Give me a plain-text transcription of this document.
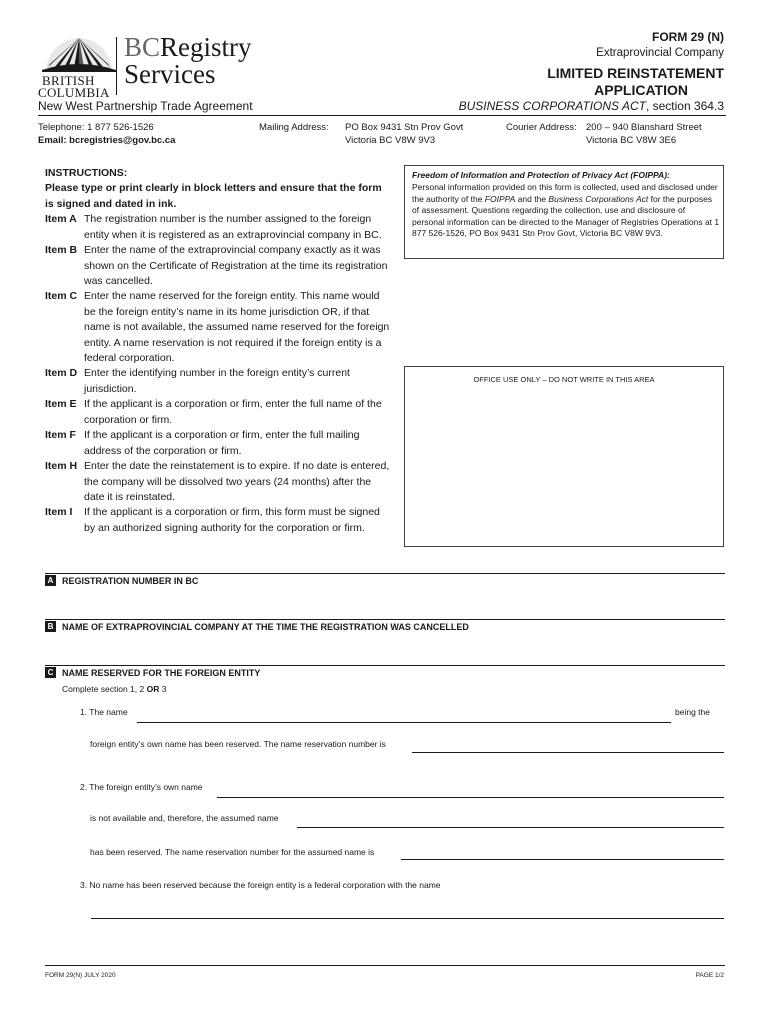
BRITISH
COLUMBIA
BCRegistry
Services
New West Partnership Trade Agreement
FORM 29 (N)
Extraprovincial Company
LIMITED REINSTATEMENT
APPLICATION
BUSINESS CORPORATIONS ACT, section 364.3
Telephone: 1 877 526-1526
Email: bcregistries@gov.bc.ca
Mailing Address: PO Box 9431 Stn Prov Govt
Victoria BC V8W 9V3
Courier Address: 200 – 940 Blanshard Street
Victoria BC V8W 3E6
INSTRUCTIONS:
Please type or print clearly in block letters and ensure that the form is signed and dated in ink.
Item A The registration number is the number assigned to the foreign entity when it is registered as an extraprovincial company in BC.
Item B Enter the name of the extraprovincial company exactly as it was shown on the Certificate of Registration at the time its registration was cancelled.
Item C Enter the name reserved for the foreign entity. This name would be the foreign entity’s name in its home jurisdiction OR, if that name is not available, the assumed name reserved for the foreign entity. A name reservation is not required if the foreign entity is a federal corporation.
Item D Enter the identifying number in the foreign entity’s current jurisdiction.
Item E If the applicant is a corporation or firm, enter the full name of the corporation or firm.
Item F If the applicant is a corporation or firm, enter the full mailing address of the corporation or firm.
Item H Enter the date the reinstatement is to expire. If no date is entered, the company will be dissolved two years (24 months) after the date it is reinstated.
Item I	If the applicant is a corporation or firm, this form must be signed by an authorized signing authority for the corporation or firm.
Freedom of Information and Protection of Privacy Act (FOIPPA):
Personal information provided on this form is collected, used and disclosed under the authority of the FOIPPA and the Business Corporations Act for the purposes of assessment. Questions regarding the collection, use and disclosure of personal information can be directed to the Manager of Registries Operations at 1 877 526-1526, PO Box 9431 Stn Prov Govt, Victoria BC V8W 9V3.
OFFICE USE ONLY – DO NOT WRITE IN THIS AREA
A REGISTRATION NUMBER IN BC
B NAME OF EXTRAPROVINCIAL COMPANY AT THE TIME THE REGISTRATION WAS CANCELLED
C NAME RESERVED FOR THE FOREIGN ENTITY
Complete section 1, 2 OR 3
1. The name	being the
foreign entity’s own name has been reserved. The name reservation number is
2. The foreign entity’s own name
is not available and, therefore, the assumed name
has been reserved. The name reservation number for the assumed name is
3. No name has been reserved because the foreign entity is a federal corporation with the name
FORM 29(N) JULY 2020	PAGE 1/2
